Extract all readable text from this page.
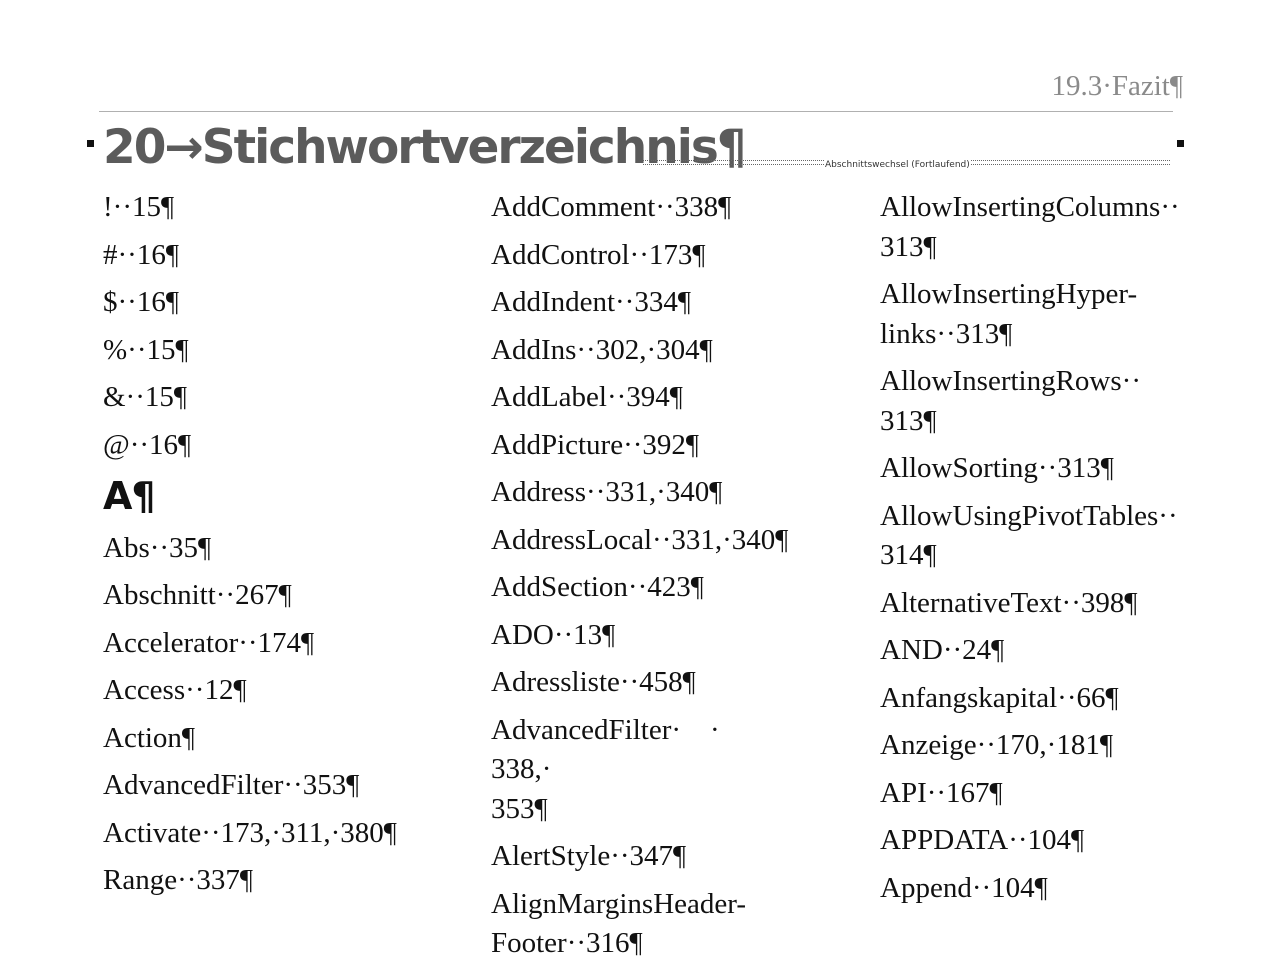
19.3·Fazit¶
20→Stichwortverzeichnis¶	Abschnittswechsel (Fortlaufend)
!··15¶
#··16¶
$··16¶
%··15¶
&··15¶
@··16¶
A¶
Abs··35¶
Abschnitt··267¶
Accelerator··174¶
Access··12¶
Action¶
AdvancedFilter··353¶
Activate··173,·311,·380¶
Range··337¶
AddComment··338¶
AddControl··173¶
AddIndent··334¶
AddIns··302,·304¶
AddLabel··394¶
AddPicture··392¶
Address··331,·340¶
AddressLocal··331,·340¶
AddSection··423¶
ADO··13¶
Adressliste··458¶
AdvancedFilter·    ·    338,·
353¶
AlertStyle··347¶
AlignMarginsHeader-
Footer··316¶
AllowInsertingColumns··
313¶
AllowInsertingHyper-
links··313¶
AllowInsertingRows··
313¶
AllowSorting··313¶
AllowUsingPivotTables··
314¶
AlternativeText··398¶
AND··24¶
Anfangskapital··66¶
Anzeige··170,·181¶
API··167¶
APPDATA··104¶
Append··104¶
